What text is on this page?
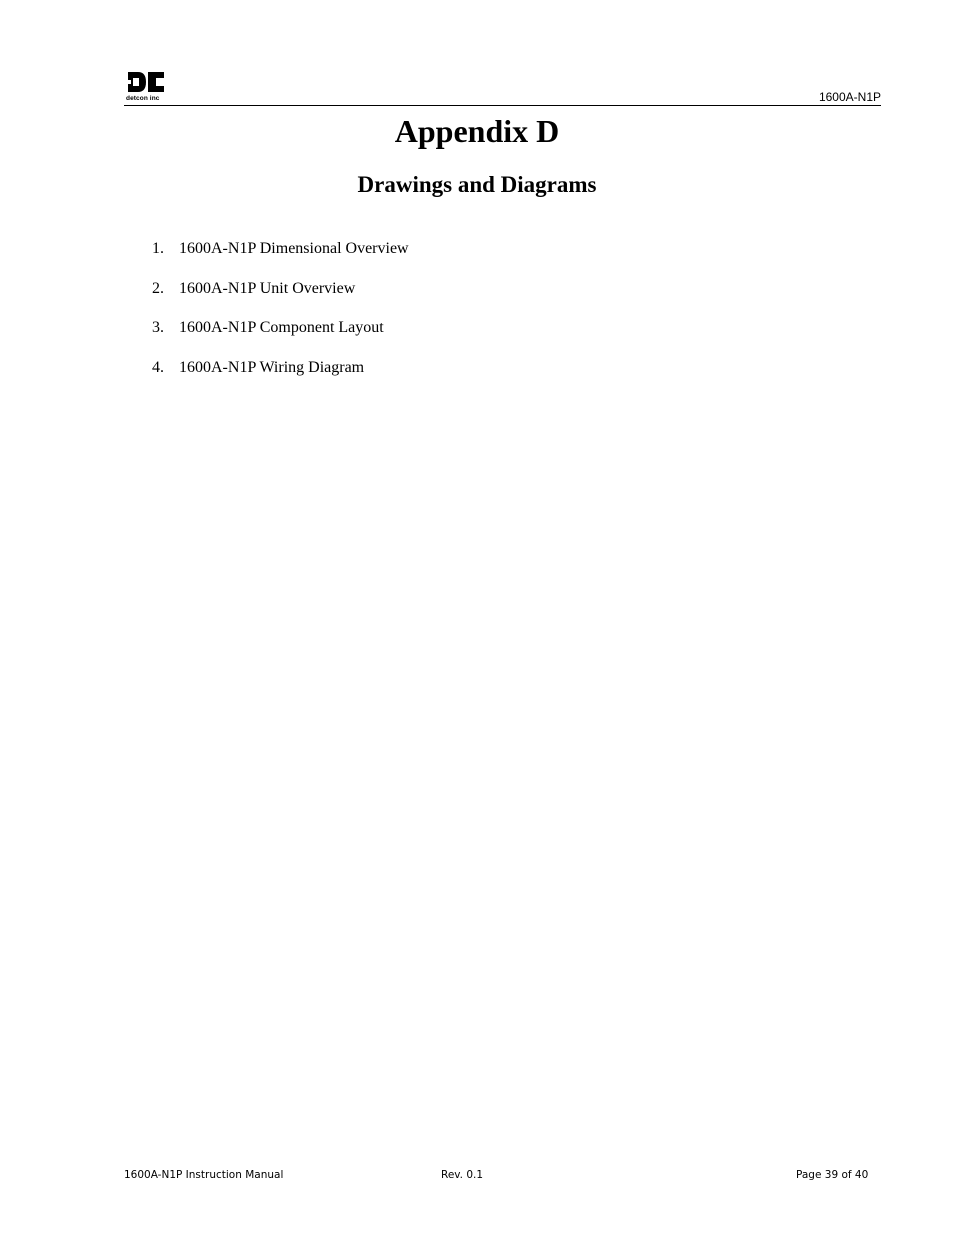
detcon inc	1600A-N1P
Appendix D
Drawings and Diagrams
1. 1600A-N1P Dimensional Overview
2. 1600A-N1P Unit Overview
3. 1600A-N1P Component Layout
4. 1600A-N1P Wiring Diagram
1600A-N1P Instruction Manual	Rev. 0.1	Page 39 of 40
